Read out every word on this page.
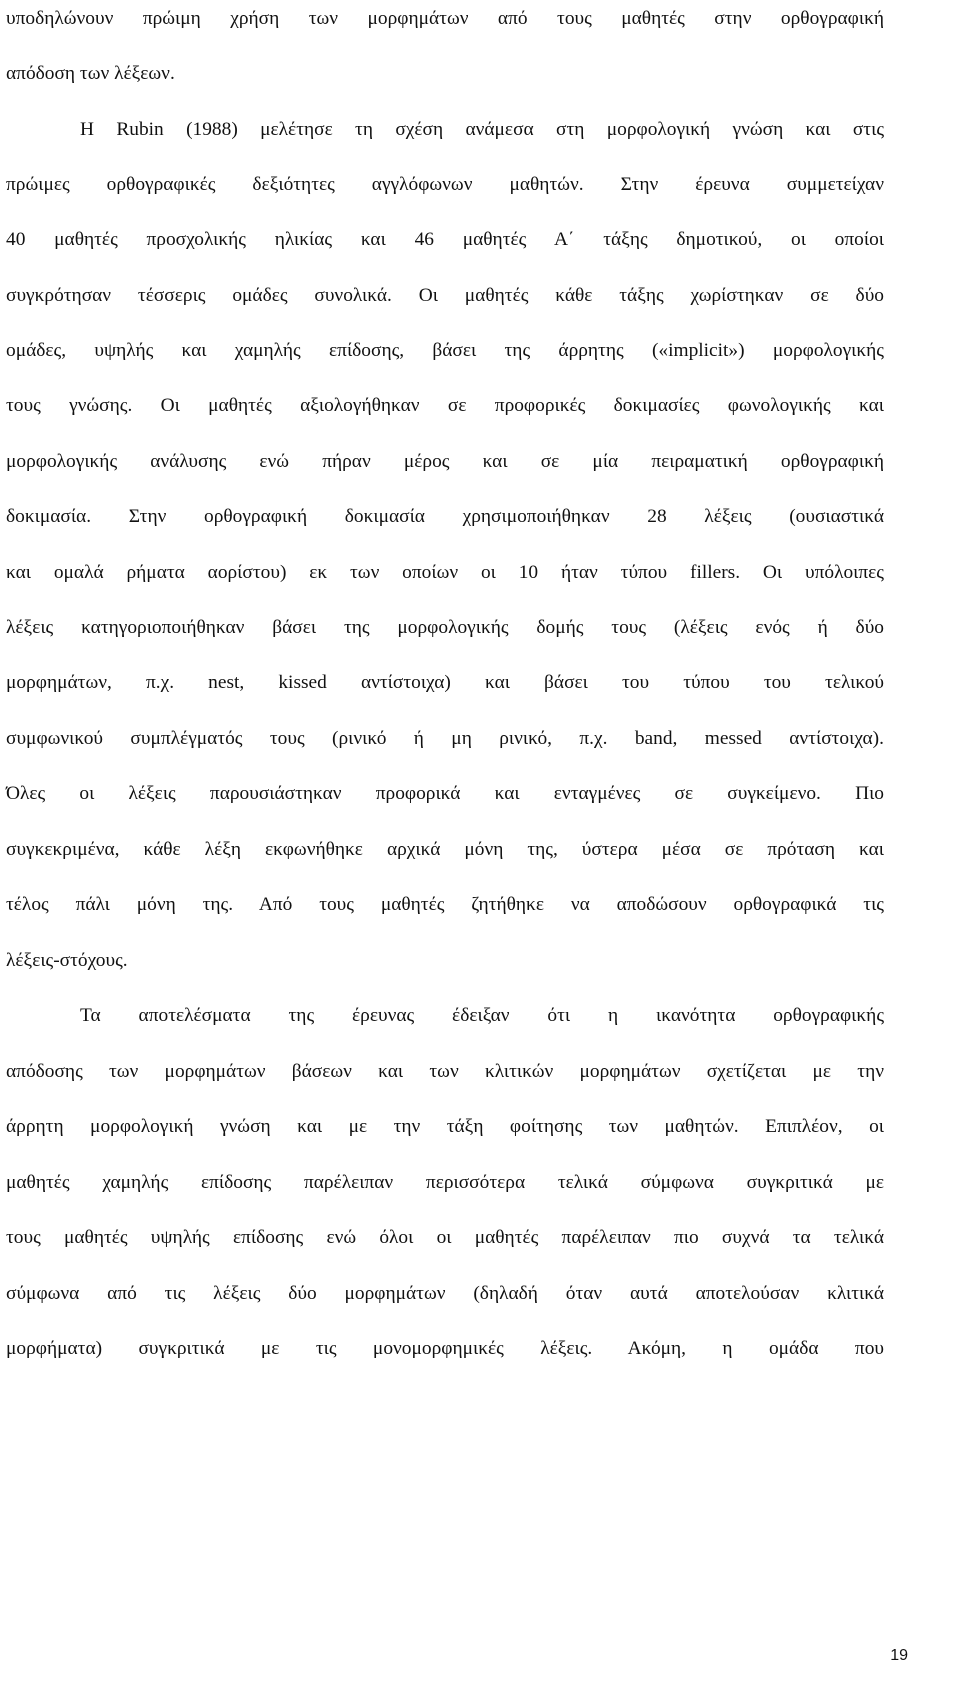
υποδηλώνουν πρώιμη χρήση των μορφημάτων από τους μαθητές στην ορθογραφική
απόδοση των λέξεων.
Η Rubin (1988) μελέτησε τη σχέση ανάμεσα στη μορφολογική γνώση και στις
πρώιμες ορθογραφικές δεξιότητες αγγλόφωνων μαθητών. Στην έρευνα συμμετείχαν
40 μαθητές προσχολικής ηλικίας και 46 μαθητές Α΄ τάξης δημοτικού, οι οποίοι
συγκρότησαν τέσσερις ομάδες συνολικά. Οι μαθητές κάθε τάξης χωρίστηκαν σε δύο
ομάδες, υψηλής και χαμηλής επίδοσης, βάσει της άρρητης («implicit») μορφολογικής
τους γνώσης. Οι μαθητές αξιολογήθηκαν σε προφορικές δοκιμασίες φωνολογικής και
μορφολογικής ανάλυσης ενώ πήραν μέρος και σε μία πειραματική ορθογραφική
δοκιμασία. Στην ορθογραφική δοκιμασία χρησιμοποιήθηκαν 28 λέξεις (ουσιαστικά
και ομαλά ρήματα αορίστου) εκ των οποίων οι 10 ήταν τύπου fillers. Οι υπόλοιπες
λέξεις κατηγοριοποιήθηκαν βάσει της μορφολογικής δομής τους (λέξεις ενός ή δύο
μορφημάτων, π.χ. nest, kissed αντίστοιχα) και βάσει του τύπου του τελικού
συμφωνικού συμπλέγματός τους (ρινικό ή μη ρινικό, π.χ. band, messed αντίστοιχα).
Όλες οι λέξεις παρουσιάστηκαν προφορικά και ενταγμένες σε συγκείμενο. Πιο
συγκεκριμένα, κάθε λέξη εκφωνήθηκε αρχικά μόνη της, ύστερα μέσα σε πρόταση και
τέλος πάλι μόνη της. Από τους μαθητές ζητήθηκε να αποδώσουν ορθογραφικά τις
λέξεις-στόχους.
Τα αποτελέσματα της έρευνας έδειξαν ότι η ικανότητα ορθογραφικής
απόδοσης των μορφημάτων βάσεων και των κλιτικών μορφημάτων σχετίζεται με την
άρρητη μορφολογική γνώση και με την τάξη φοίτησης των μαθητών. Επιπλέον, οι
μαθητές χαμηλής επίδοσης παρέλειπαν περισσότερα τελικά σύμφωνα συγκριτικά με
τους μαθητές υψηλής επίδοσης ενώ όλοι οι μαθητές παρέλειπαν πιο συχνά τα τελικά
σύμφωνα από τις λέξεις δύο μορφημάτων (δηλαδή όταν αυτά αποτελούσαν κλιτικά
μορφήματα) συγκριτικά με τις μονομορφημικές λέξεις. Ακόμη, η ομάδα που
19
